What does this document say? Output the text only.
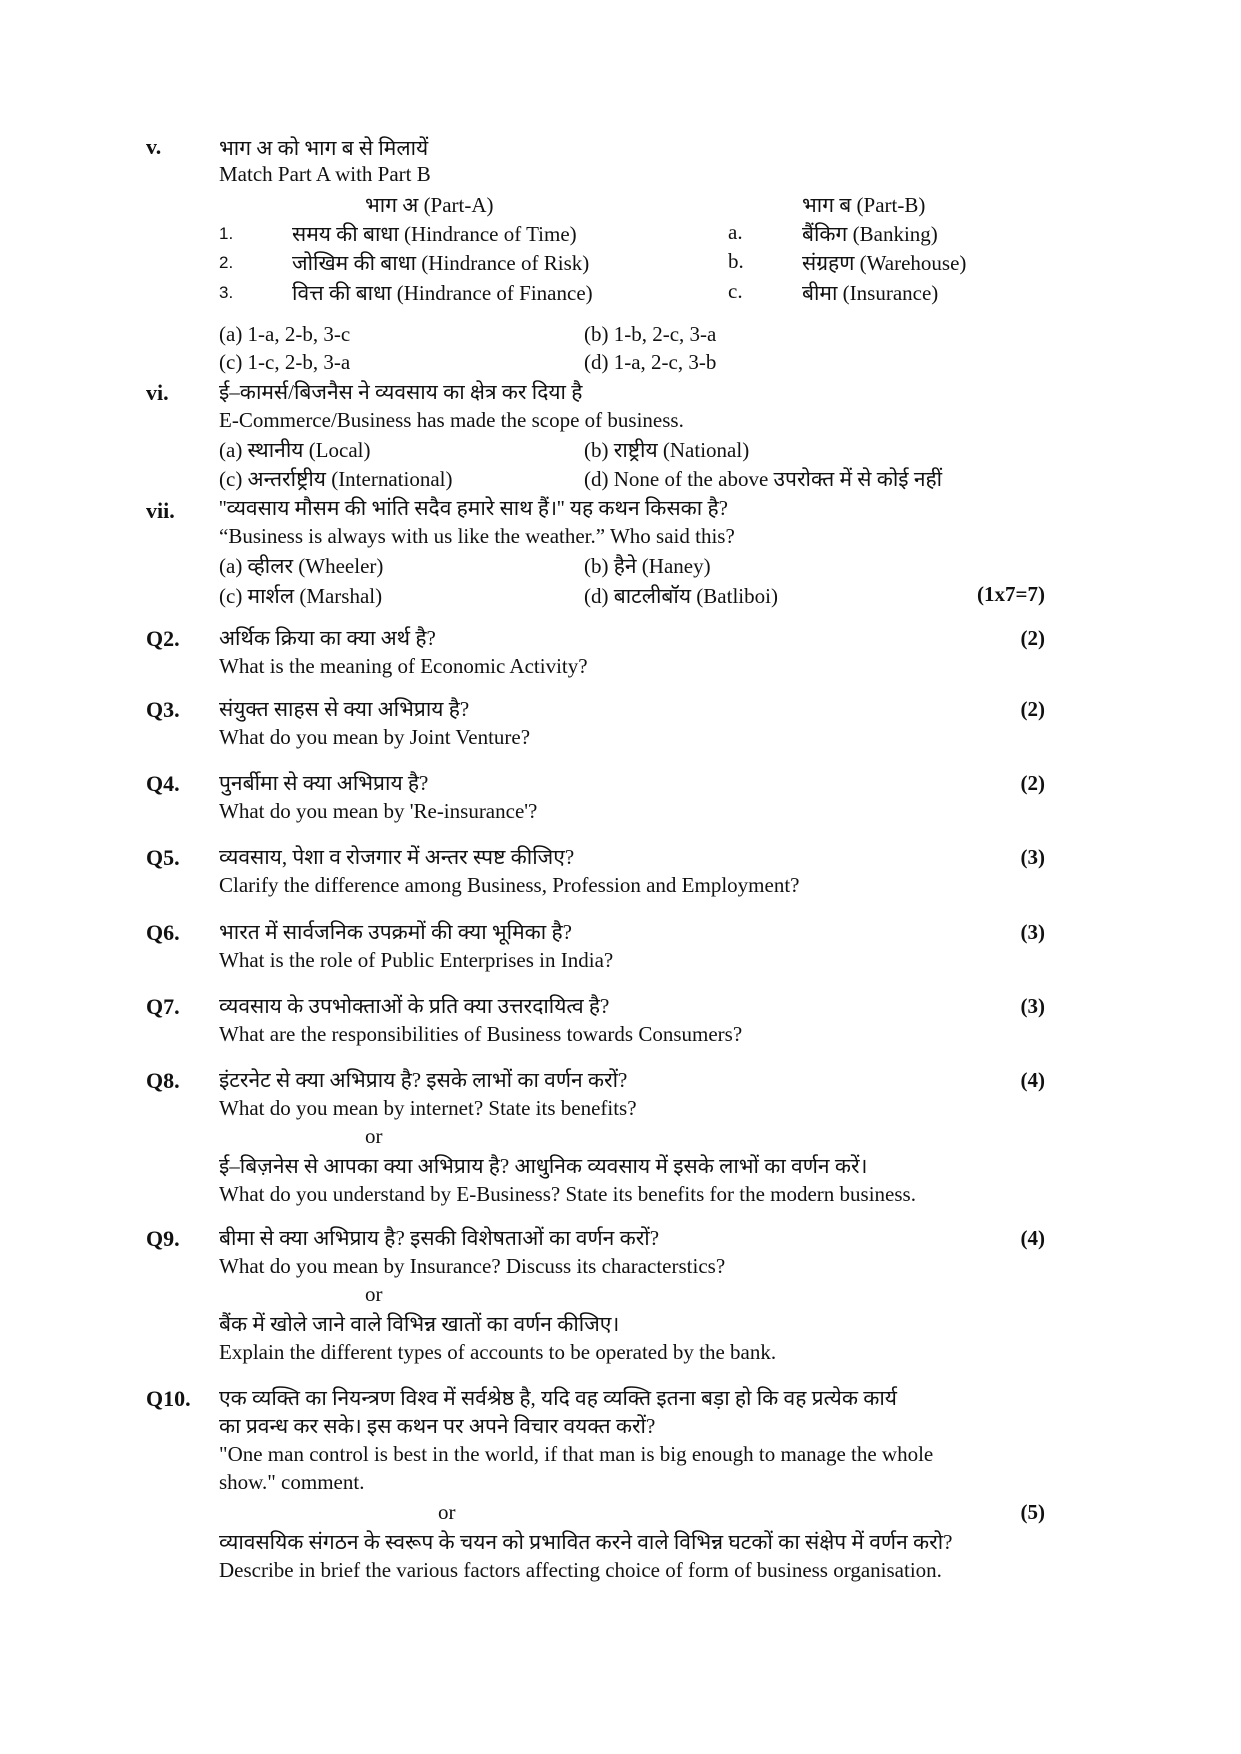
v.	भाग अ को भाग ब से मिलायें
Match Part A with Part B
भाग अ (Part-A)	भाग ब (Part-B)
1.	समय की बाधा (Hindrance of Time)	a.	बैंकिग (Banking)
2.	जोखिम की बाधा (Hindrance of Risk)	b.	संग्रहण (Warehouse)
3.	वित्त की बाधा (Hindrance of Finance)	c.	बीमा (Insurance)
(a) 1-a, 2-b, 3-c	(b) 1-b, 2-c, 3-a
(c) 1-c, 2-b, 3-a	(d) 1-a, 2-c, 3-b
vi. ई–कामर्स/बिजनैस ने व्यवसाय का क्षेत्र कर दिया है
E-Commerce/Business has made the scope of business.
(a) स्थानीय (Local)	(b) राष्ट्रीय (National)
(c) अन्तर्राष्ट्रीय (International)	(d) None of the above उपरोक्त में से कोई नहीं
vii. ''व्यवसाय मौसम की भांति सदैव हमारे साथ हैं।'' यह कथन किसका है?
“Business is always with us like the weather.” Who said this?
(a) व्हीलर (Wheeler)	(b) हैने (Haney)
(c) मार्शल (Marshal)	(d) बाटलीबॉय (Batliboi)	(1x7=7)
Q2. अर्थिक क्रिया का क्या अर्थ है?	(2)
What is the meaning of Economic Activity?
Q3. संयुक्त साहस से क्या अभिप्राय है?	(2)
What do you mean by Joint Venture?
Q4. पुनर्बीमा से क्या अभिप्राय है?	(2)
What do you mean by 'Re-insurance'?
Q5. व्यवसाय, पेशा व रोजगार में अन्तर स्पष्ट कीजिए?	(3)
Clarify the difference among Business, Profession and Employment?
Q6. भारत में सार्वजनिक उपक्रमों की क्या भूमिका है?	(3)
What is the role of Public Enterprises in India?
Q7. व्यवसाय के उपभोक्ताओं के प्रति क्या उत्तरदायित्व है?	(3)
What are the responsibilities of Business towards Consumers?
Q8. इंटरनेट से क्या अभिप्राय है? इसके लाभों का वर्णन करों?	(4)
What do you mean by internet? State its benefits?
or
ई–बिज़नेस से आपका क्या अभिप्राय है? आधुनिक व्यवसाय में इसके लाभों का वर्णन करें।
What do you understand by E-Business? State its benefits for the modern business.
Q9. बीमा से क्या अभिप्राय है? इसकी विशेषताओं का वर्णन करों?	(4)
What do you mean by Insurance? Discuss its characterstics?
or
बैंक में खोले जाने वाले विभिन्न खातों का वर्णन कीजिए।
Explain the different types of accounts to be operated by the bank.
Q10. एक व्यक्ति का नियन्त्रण विश्व में सर्वश्रेष्ठ है, यदि वह व्यक्ति इतना बड़ा हो कि वह प्रत्येक कार्य
का प्रवन्ध कर सके। इस कथन पर अपने विचार वयक्त करों?
"One man control is best in the world, if that man is big enough to manage the whole
show." comment.
or	(5)
व्यावसयिक संगठन के स्वरूप के चयन को प्रभावित करने वाले विभिन्न घटकों का संक्षेप में वर्णन करो?
Describe in brief the various factors affecting choice of form of business organisation.
